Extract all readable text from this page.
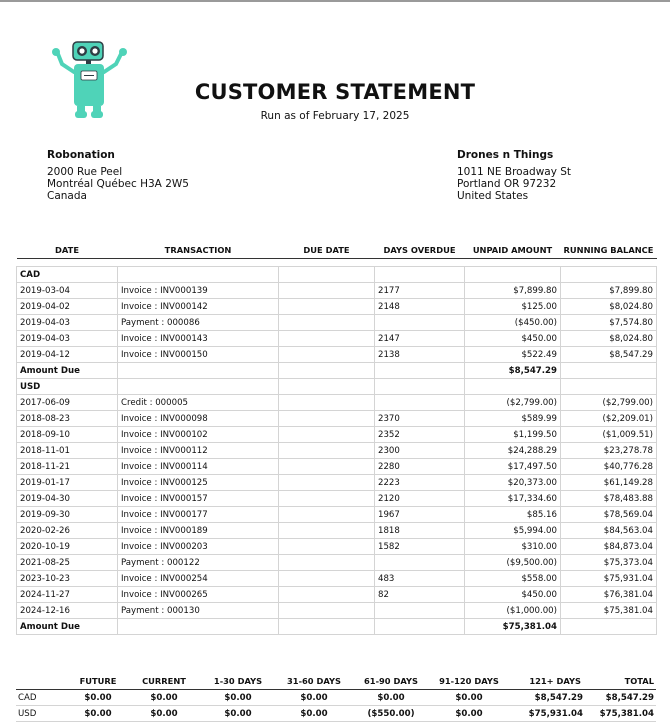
CUSTOMER STATEMENT
Run as of February 17, 2025
Robonation
2000 Rue Peel
Montréal Québec H3A 2W5
Canada
Drones n Things
1011 NE Broadway St
Portland OR 97232
United States
DATE	TRANSACTION	DUE DATE	DAYS OVERDUE	UNPAID AMOUNT	RUNNING BALANCE

CAD					
2019-03-04	Invoice : INV000139		2177	$7,899.80	$7,899.80
2019-04-02	Invoice : INV000142		2148	$125.00	$8,024.80
2019-04-03	Payment : 000086			($450.00)	$7,574.80
2019-04-03	Invoice : INV000143		2147	$450.00	$8,024.80
2019-04-12	Invoice : INV000150		2138	$522.49	$8,547.29
Amount Due				$8,547.29	
USD					
2017-06-09	Credit : 000005			($2,799.00)	($2,799.00)
2018-08-23	Invoice : INV000098		2370	$589.99	($2,209.01)
2018-09-10	Invoice : INV000102		2352	$1,199.50	($1,009.51)
2018-11-01	Invoice : INV000112		2300	$24,288.29	$23,278.78
2018-11-21	Invoice : INV000114		2280	$17,497.50	$40,776.28
2019-01-17	Invoice : INV000125		2223	$20,373.00	$61,149.28
2019-04-30	Invoice : INV000157		2120	$17,334.60	$78,483.88
2019-09-30	Invoice : INV000177		1967	$85.16	$78,569.04
2020-02-26	Invoice : INV000189		1818	$5,994.00	$84,563.04
2020-10-19	Invoice : INV000203		1582	$310.00	$84,873.04
2021-08-25	Payment : 000122			($9,500.00)	$75,373.04
2023-10-23	Invoice : INV000254		483	$558.00	$75,931.04
2024-11-27	Invoice : INV000265		82	$450.00	$76,381.04
2024-12-16	Payment : 000130			($1,000.00)	$75,381.04
Amount Due				$75,381.04	
	FUTURE	CURRENT	1-30 DAYS	31-60 DAYS	61-90 DAYS	91-120 DAYS	121+ DAYS	TOTAL
CAD	$0.00	$0.00	$0.00	$0.00	$0.00	$0.00	$8,547.29	$8,547.29
USD	$0.00	$0.00	$0.00	$0.00	($550.00)	$0.00	$75,931.04	$75,381.04
